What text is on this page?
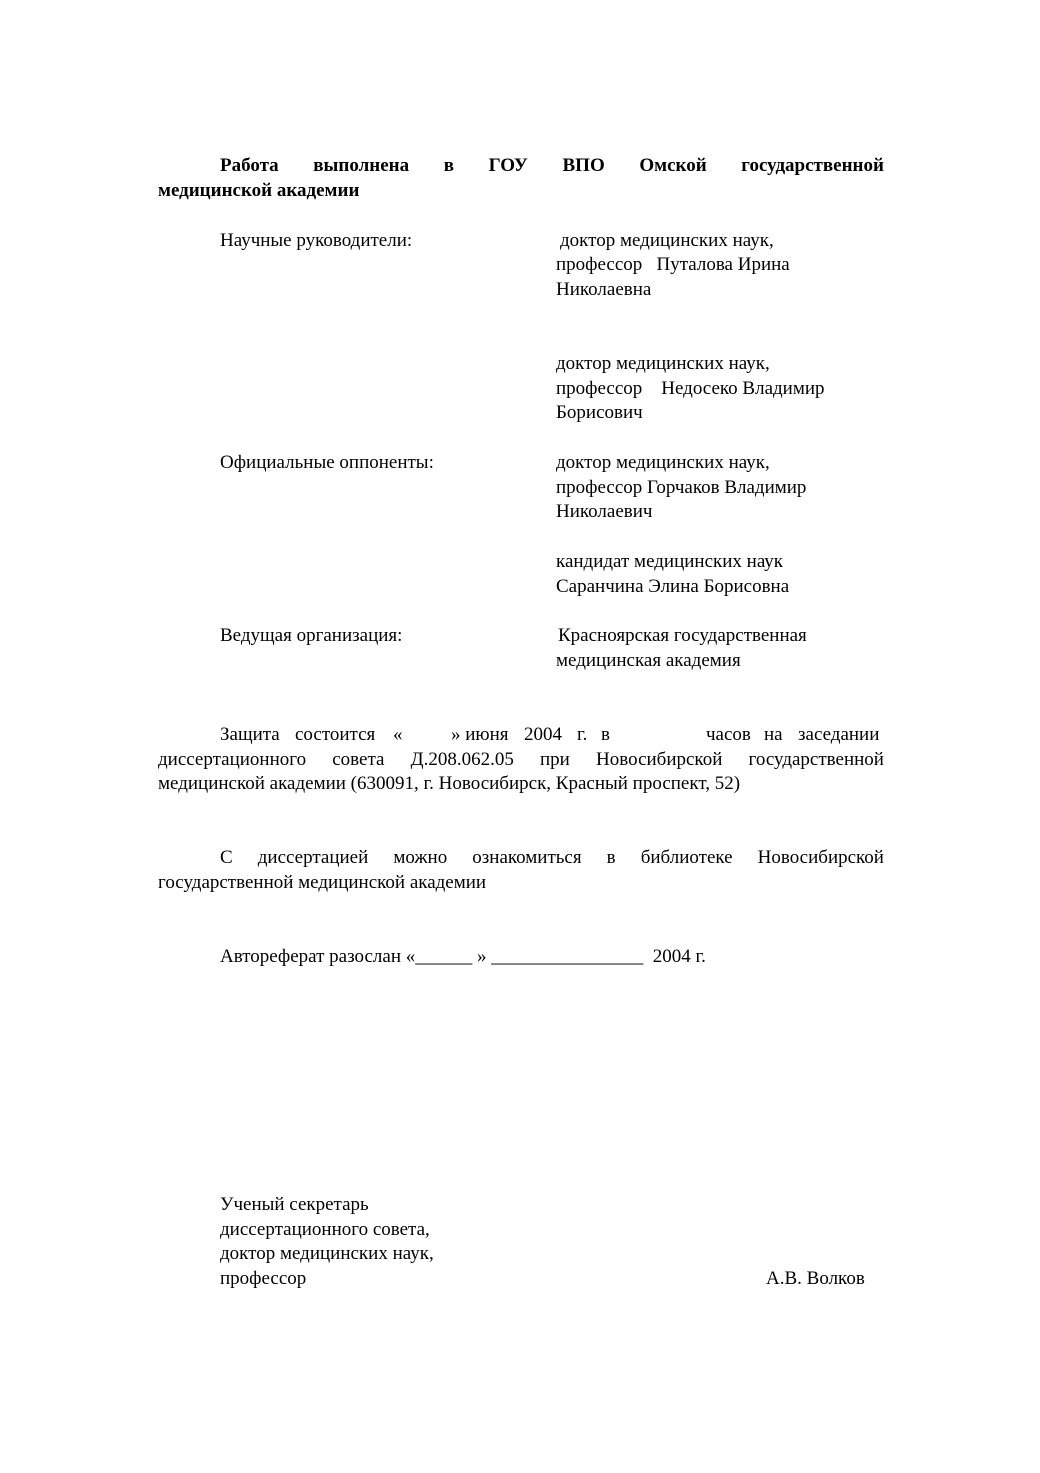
Работа выполнена в ГОУ ВПО Омской государственной
медицинской академии
Научные руководители:	доктор медицинских наук,
профессор   Путалова Ирина
Николаевна
доктор медицинских наук,
профессор    Недосеко Владимир
Борисович
Официальные оппоненты:	доктор медицинских наук,
профессор Горчаков Владимир
Николаевич
кандидат медицинских наук
Саранчина Элина Борисовна
Ведущая организация:	Красноярская государственная
медицинская академия
Защита состоится «	» июня 2004 г. в	часов на заседании
диссертационного совета Д.208.062.05 при Новосибирской государственной
медицинской академии (630091, г. Новосибирск, Красный проспект, 52)
С диссертацией можно ознакомиться в библиотеке Новосибирской
государственной медицинской академии
Автореферат разослан «______ » ________________  2004 г.
Ученый секретарь
диссертационного совета,
доктор медицинских наук,
профессор	А.В. Волков
